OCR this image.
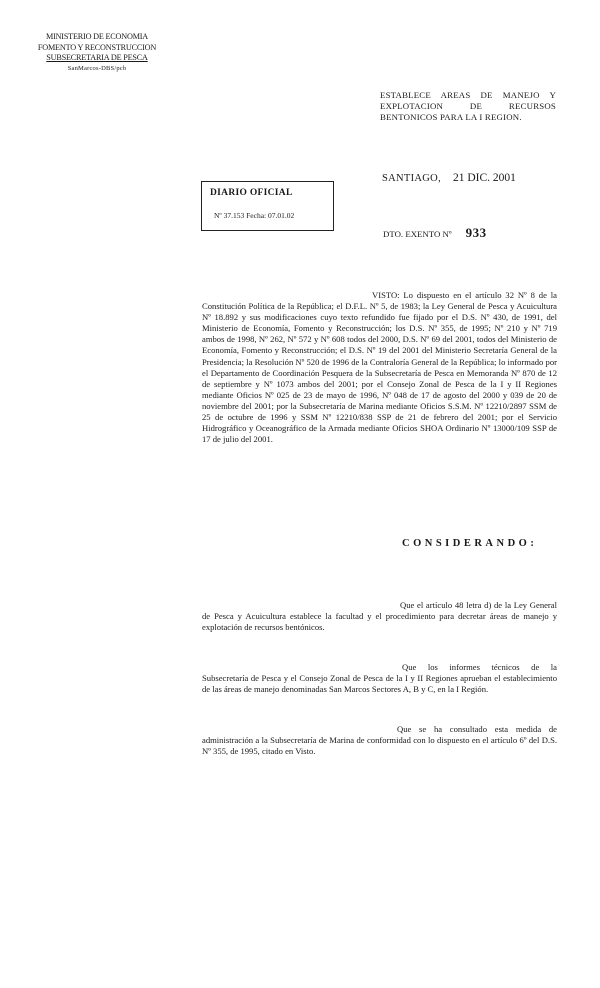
MINISTERIO DE ECONOMIA
FOMENTO Y RECONSTRUCCION
SUBSECRETARIA DE PESCA
SanMarcos-DBS/pcb
ESTABLECE AREAS DE MANEJO Y EXPLOTACION DE RECURSOS BENTONICOS PARA LA I REGION.
SANTIAGO, 21 DIC. 2001
DIARIO OFICIAL
Nº 37.153 Fecha: 07.01.02
DTO. EXENTO Nº 933
VISTO: Lo dispuesto en el artículo 32 Nº 8 de la Constitución Política de la República; el D.F.L. Nº 5, de 1983; la Ley General de Pesca y Acuicultura Nº 18.892 y sus modificaciones cuyo texto refundido fue fijado por el D.S. Nº 430, de 1991, del Ministerio de Economía, Fomento y Reconstrucción; los D.S. Nº 355, de 1995; Nº 210 y Nº 719 ambos de 1998, Nº 262, Nº 572 y Nº 608 todos del 2000, D.S. Nº 69 del 2001, todos del Ministerio de Economía, Fomento y Reconstrucción; el D.S. Nº 19 del 2001 del Ministerio Secretaría General de la Presidencia; la Resolución Nº 520 de 1996 de la Contraloría General de la República; lo informado por el Departamento de Coordinación Pesquera de la Subsecretaría de Pesca en Memoranda Nº 870 de 12 de septiembre y Nº 1073 ambos del 2001; por el Consejo Zonal de Pesca de la I y II Regiones mediante Oficios Nº 025 de 23 de mayo de 1996, Nº 048 de 17 de agosto del 2000 y 039 de 20 de noviembre del 2001; por la Subsecretaría de Marina mediante Oficios S.S.M. Nº 12210/2897 SSM de 25 de octubre de 1996 y SSM Nº 12210/838 SSP de 21 de febrero del 2001; por el Servicio Hidrográfico y Oceanográfico de la Armada mediante Oficios SHOA Ordinario Nº 13000/109 SSP de 17 de julio del 2001.
CONSIDERANDO:
Que el artículo 48 letra d) de la Ley General de Pesca y Acuicultura establece la facultad y el procedimiento para decretar áreas de manejo y explotación de recursos bentónicos.
Que los informes técnicos de la Subsecretaría de Pesca y el Consejo Zonal de Pesca de la I y II Regiones aprueban el establecimiento de las áreas de manejo denominadas San Marcos Sectores A, B y C, en la I Región.
Que se ha consultado esta medida de administración a la Subsecretaría de Marina de conformidad con lo dispuesto en el artículo 6º del D.S. Nº 355, de 1995, citado en Visto.
